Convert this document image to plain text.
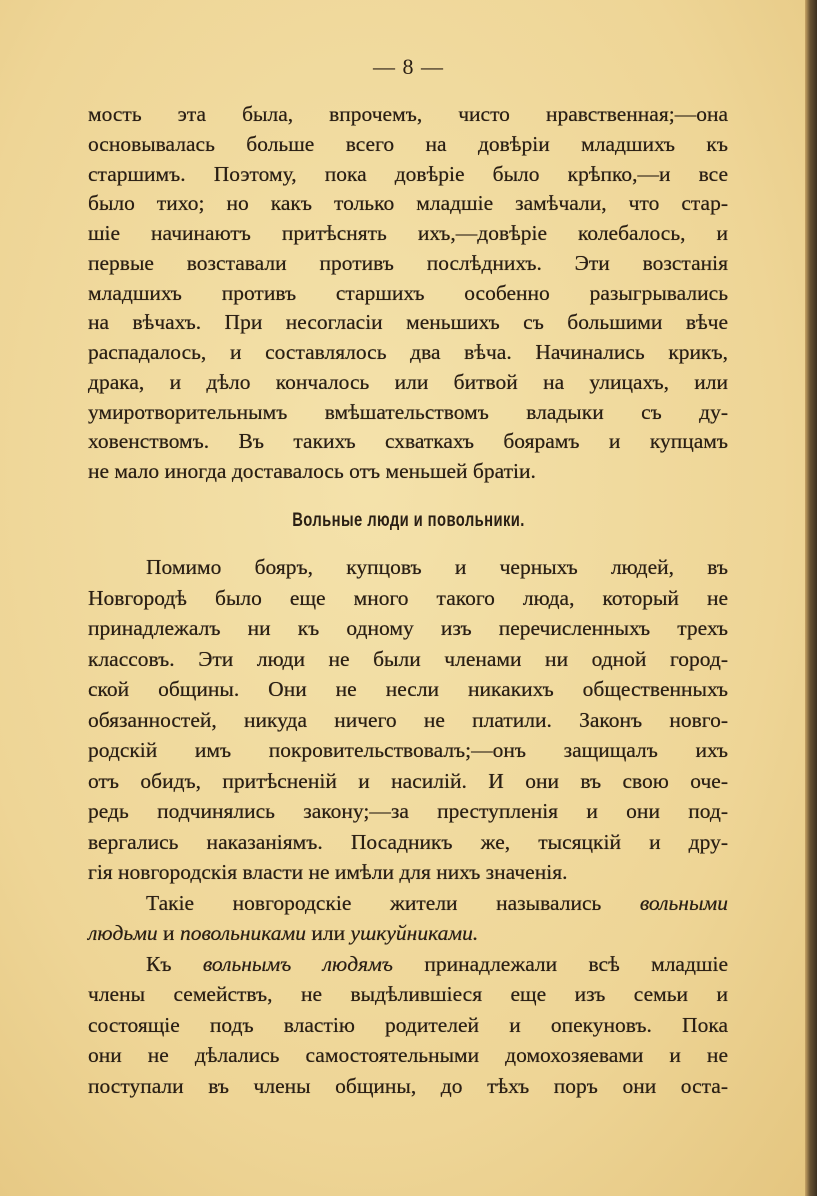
— 8 —
мость эта была, впрочемъ, чисто нравственная;—она
основывалась больше всего на довѣріи младшихъ къ
старшимъ. Поэтому, пока довѣріе было крѣпко,—и все
было тихо; но какъ только младшіе замѣчали, что стар-
шіе начинаютъ притѣснять ихъ,—довѣріе колебалось, и
первые возставали противъ послѣднихъ. Эти возстанія
младшихъ противъ старшихъ особенно разыгрывались
на вѣчахъ. При несогласіи меньшихъ съ большими вѣче
распадалось, и составлялось два вѣча. Начинались крикъ,
драка, и дѣло кончалось или битвой на улицахъ, или
умиротворительнымъ вмѣшательствомъ владыки съ ду-
ховенствомъ. Въ такихъ схваткахъ боярамъ и купцамъ
не мало иногда доставалось отъ меньшей братіи.
Вольные люди и повольники.
Помимо бояръ, купцовъ и черныхъ людей, въ
Новгородѣ было еще много такого люда, который не
принадлежалъ ни къ одному изъ перечисленныхъ трехъ
классовъ. Эти люди не были членами ни одной город-
ской общины. Они не несли никакихъ общественныхъ
обязанностей, никуда ничего не платили. Законъ новго-
родскій имъ покровительствовалъ;—онъ защищалъ ихъ
отъ обидъ, притѣсненій и насилій. И они въ свою оче-
редь подчинялись закону;—за преступленія и они под-
вергались наказаніямъ. Посадникъ же, тысяцкій и дру-
гія новгородскія власти не имѣли для нихъ значенія.
Такіе новгородскіе жители назывались вольными
людьми и повольниками или ушкуйниками.
Къ вольнымъ людямъ принадлежали всѣ младшіе
члены семействъ, не выдѣлившіеся еще изъ семьи и
состоящіе подъ властію родителей и опекуновъ. Пока
они не дѣлались самостоятельными домохозяевами и не
поступали въ члены общины, до тѣхъ поръ они оста-
